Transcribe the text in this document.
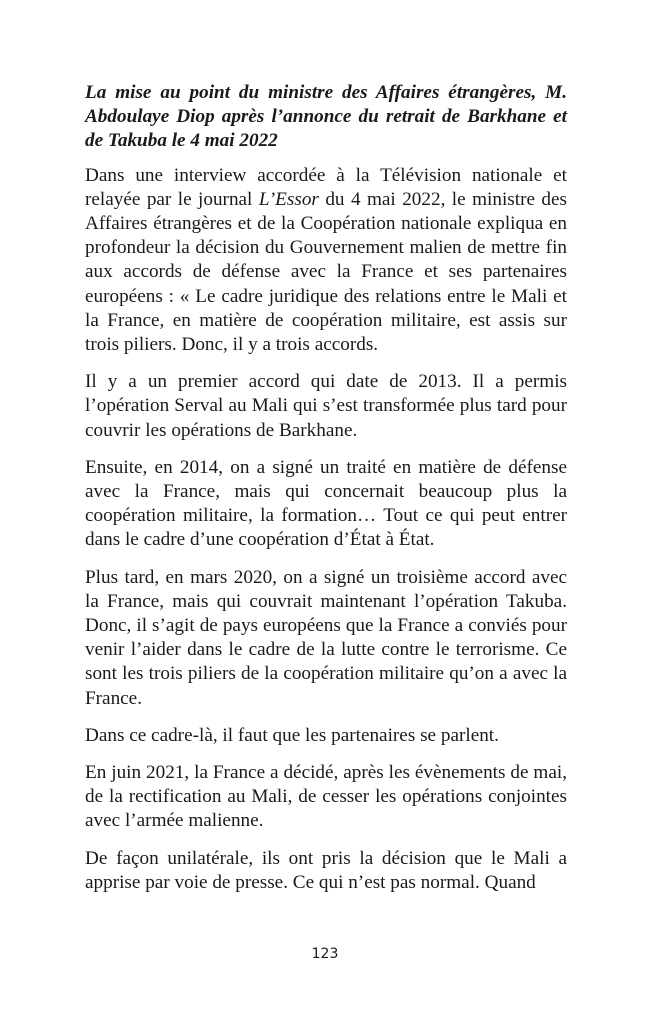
La mise au point du ministre des Affaires étrangères, M. Abdoulaye Diop après l’annonce du retrait de Barkhane et de Takuba le 4 mai 2022

Dans une interview accordée à la Télévision nationale et relayée par le journal L’Essor du 4 mai 2022, le ministre des Affaires étrangères et de la Coopération nationale expliqua en profondeur la décision du Gouvernement malien de mettre fin aux accords de défense avec la France et ses partenaires européens : « Le cadre juridique des relations entre le Mali et la France, en matière de coopération militaire, est assis sur trois piliers. Donc, il y a trois accords.

Il y a un premier accord qui date de 2013. Il a permis l’opération Serval au Mali qui s’est transformée plus tard pour couvrir les opérations de Barkhane.

Ensuite, en 2014, on a signé un traité en matière de défense avec la France, mais qui concernait beaucoup plus la coopération militaire, la formation… Tout ce qui peut entrer dans le cadre d’une coopération d’État à État.

Plus tard, en mars 2020, on a signé un troisième accord avec la France, mais qui couvrait maintenant l’opération Takuba. Donc, il s’agit de pays européens que la France a conviés pour venir l’aider dans le cadre de la lutte contre le terrorisme. Ce sont les trois piliers de la coopération militaire qu’on a avec la France.

Dans ce cadre-là, il faut que les partenaires se parlent.

En juin 2021, la France a décidé, après les évènements de mai, de la rectification au Mali, de cesser les opérations conjointes avec l’armée malienne.

De façon unilatérale, ils ont pris la décision que le Mali a apprise par voie de presse. Ce qui n’est pas normal. Quand

123
